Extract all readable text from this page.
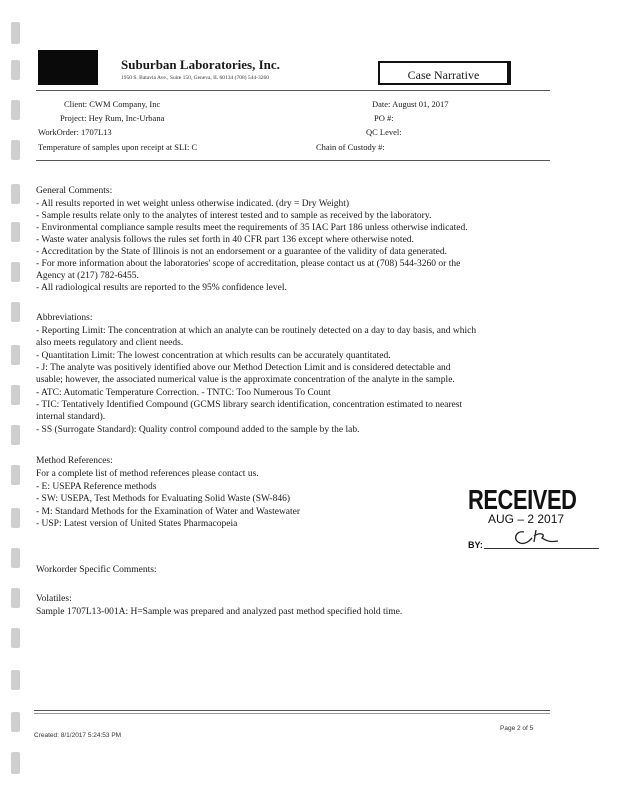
Suburban Laboratories, Inc.
1950 S. Batavia Ave., Suite 150, Geneva, IL 60134 (708) 544-3260	Case Narrative
Client: CWM Company, Inc
Project: Hey Rum, Inc-Urbana
WorkOrder: 1707L13
Temperature of samples upon receipt at SLI: C
Date: August 01, 2017
PO #:
QC Level:
Chain of Custody #:
General Comments:
- All results reported in wet weight unless otherwise indicated. (dry = Dry Weight)
- Sample results relate only to the analytes of interest tested and to sample as received by the laboratory.
- Environmental compliance sample results meet the requirements of 35 IAC Part 186 unless otherwise indicated.
- Waste water analysis follows the rules set forth in 40 CFR part 136 except where otherwise noted.
- Accreditation by the State of Illinois is not an endorsement or a guarantee of the validity of data generated.
- For more information about the laboratories' scope of accreditation, please contact us at (708) 544-3260 or the
Agency at (217) 782-6455.
- All radiological results are reported to the 95% confidence level.
Abbreviations:
- Reporting Limit: The concentration at which an analyte can be routinely detected on a day to day basis, and which
also meets regulatory and client needs.
- Quantitation Limit: The lowest concentration at which results can be accurately quantitated.
- J: The analyte was positively identified above our Method Detection Limit and is considered detectable and
usable; however, the associated numerical value is the approximate concentration of the analyte in the sample.
- ATC: Automatic Temperature Correction. - TNTC: Too Numerous To Count
- TIC: Tentatively Identified Compound (GCMS library search identification, concentration estimated to nearest
internal standard).
- SS (Surrogate Standard): Quality control compound added to the sample by the lab.
Method References:
For a complete list of method references please contact us.
- E: USEPA Reference methods
- SW: USEPA, Test Methods for Evaluating Solid Waste (SW-846)
- M: Standard Methods for the Examination of Water and Wastewater
- USP: Latest version of United States Pharmacopeia
RECEIVED
AUG – 2 2017
BY:
Workorder Specific Comments:
Volatiles:
Sample 1707L13-001A: H=Sample was prepared and analyzed past method specified hold time.
Created: 8/1/2017 5:24:53 PM
Page 2 of 5
